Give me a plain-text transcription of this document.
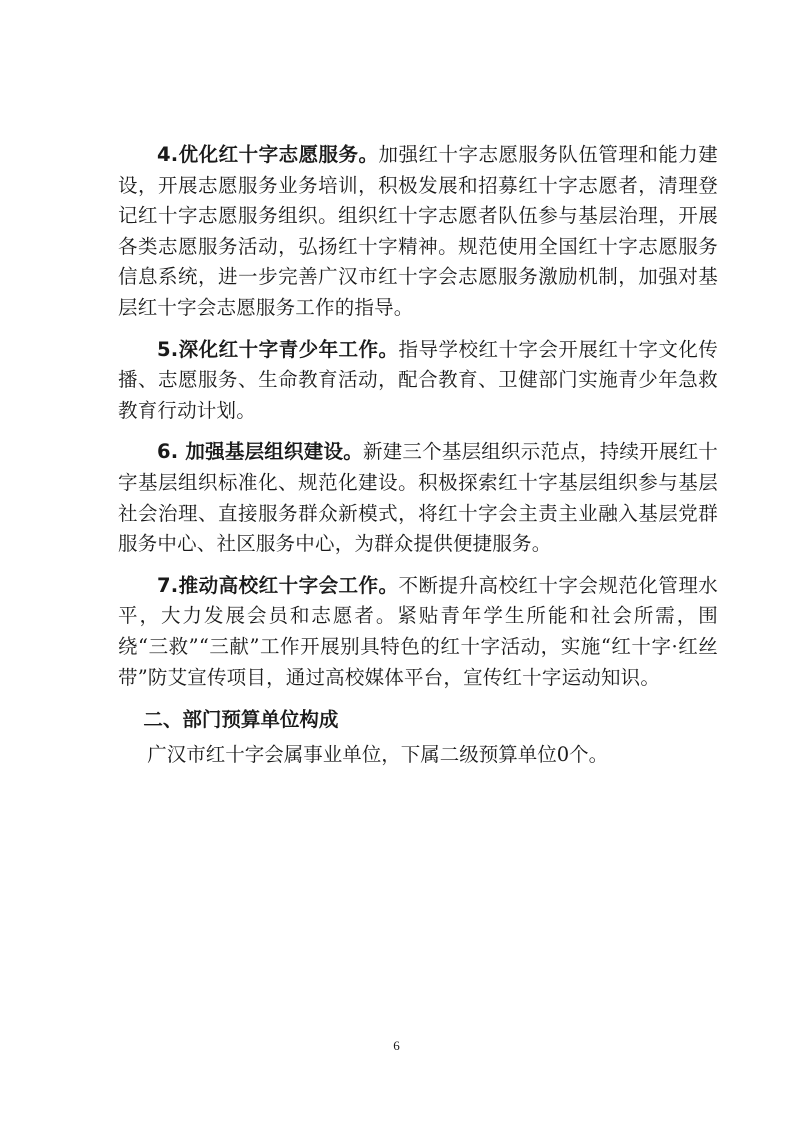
4.优化红十字志愿服务。加强红十字志愿服务队伍管理和能力建设，开展志愿服务业务培训，积极发展和招募红十字志愿者，清理登记红十字志愿服务组织。组织红十字志愿者队伍参与基层治理，开展各类志愿服务活动，弘扬红十字精神。规范使用全国红十字志愿服务信息系统，进一步完善广汉市红十字会志愿服务激励机制，加强对基层红十字会志愿服务工作的指导。

5.深化红十字青少年工作。指导学校红十字会开展红十字文化传播、志愿服务、生命教育活动，配合教育、卫健部门实施青少年急救教育行动计划。

6. 加强基层组织建设。新建三个基层组织示范点，持续开展红十字基层组织标准化、规范化建设。积极探索红十字基层组织参与基层社会治理、直接服务群众新模式，将红十字会主责主业融入基层党群服务中心、社区服务中心，为群众提供便捷服务。

7.推动高校红十字会工作。不断提升高校红十字会规范化管理水平，大力发展会员和志愿者。紧贴青年学生所能和社会所需，围绕“三救”“三献”工作开展别具特色的红十字活动，实施“红十字·红丝带”防艾宣传项目，通过高校媒体平台，宣传红十字运动知识。

二、部门预算单位构成

广汉市红十字会属事业单位，下属二级预算单位0个。

6
